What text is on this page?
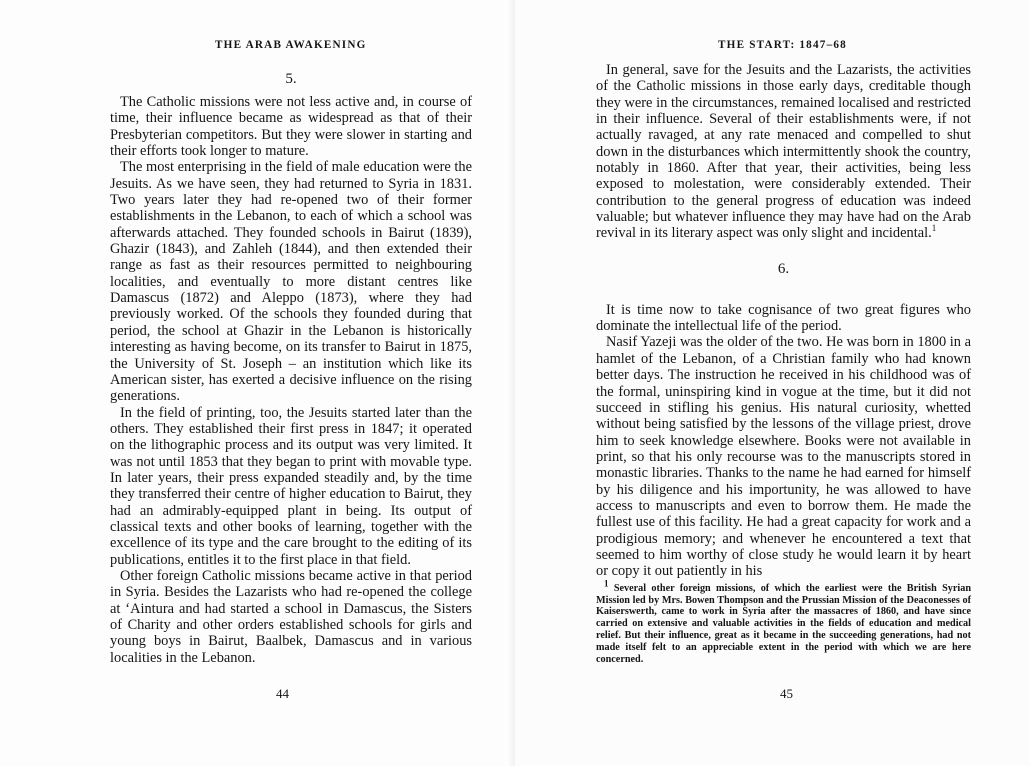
THE ARAB AWAKENING
5.

The Catholic missions were not less active and, in course of time, their influence became as widespread as that of their Presbyterian competitors. But they were slower in starting and their efforts took longer to mature.

The most enterprising in the field of male education were the Jesuits. As we have seen, they had returned to Syria in 1831. Two years later they had re-opened two of their former establishments in the Lebanon, to each of which a school was afterwards attached. They founded schools in Bairut (1839), Ghazir (1843), and Zahleh (1844), and then extended their range as fast as their resources permitted to neighbouring localities, and eventually to more distant centres like Damascus (1872) and Aleppo (1873), where they had previously worked. Of the schools they founded during that period, the school at Ghazir in the Lebanon is historically interesting as having become, on its transfer to Bairut in 1875, the University of St. Joseph – an institution which like its American sister, has exerted a decisive influence on the rising generations.

In the field of printing, too, the Jesuits started later than the others. They established their first press in 1847; it operated on the lithographic process and its output was very limited. It was not until 1853 that they began to print with movable type. In later years, their press expanded steadily and, by the time they transferred their centre of higher education to Bairut, they had an admirably-equipped plant in being. Its output of classical texts and other books of learning, together with the excellence of its type and the care brought to the editing of its publications, entitles it to the first place in that field.

Other foreign Catholic missions became active in that period in Syria. Besides the Lazarists who had re-opened the college at ‘Aintura and had started a school in Damascus, the Sisters of Charity and other orders established schools for girls and young boys in Bairut, Baalbek, Damascus and in various localities in the Lebanon.

44
THE START: 1847–68

In general, save for the Jesuits and the Lazarists, the activities of the Catholic missions in those early days, creditable though they were in the circumstances, remained localised and restricted in their influence. Several of their establishments were, if not actually ravaged, at any rate menaced and compelled to shut down in the disturbances which intermittently shook the country, notably in 1860. After that year, their activities, being less exposed to molestation, were considerably extended. Their contribution to the general progress of education was indeed valuable; but whatever influence they may have had on the Arab revival in its literary aspect was only slight and incidental.$^1$

6.

It is time now to take cognisance of two great figures who dominate the intellectual life of the period.

Nasif Yazeji was the older of the two. He was born in 1800 in a hamlet of the Lebanon, of a Christian family who had known better days. The instruction he received in his childhood was of the formal, uninspiring kind in vogue at the time, but it did not succeed in stifling his genius. His natural curiosity, whetted without being satisfied by the lessons of the village priest, drove him to seek knowledge elsewhere. Books were not available in print, so that his only recourse was to the manuscripts stored in monastic libraries. Thanks to the name he had earned for himself by his diligence and his importunity, he was allowed to have access to manuscripts and even to borrow them. He made the fullest use of this facility. He had a great capacity for work and a prodigious memory; and whenever he encountered a text that seemed to him worthy of close study he would learn it by heart or copy it out patiently in his

$^1$ Several other foreign missions, of which the earliest were the British Syrian Mission led by Mrs. Bowen Thompson and the Prussian Mission of the Deaconesses of Kaiserswerth, came to work in Syria after the massacres of 1860, and have since carried on extensive and valuable activities in the fields of education and medical relief. But their influence, great as it became in the succeeding generations, had not made itself felt to an appreciable extent in the period with which we are here concerned.

45
